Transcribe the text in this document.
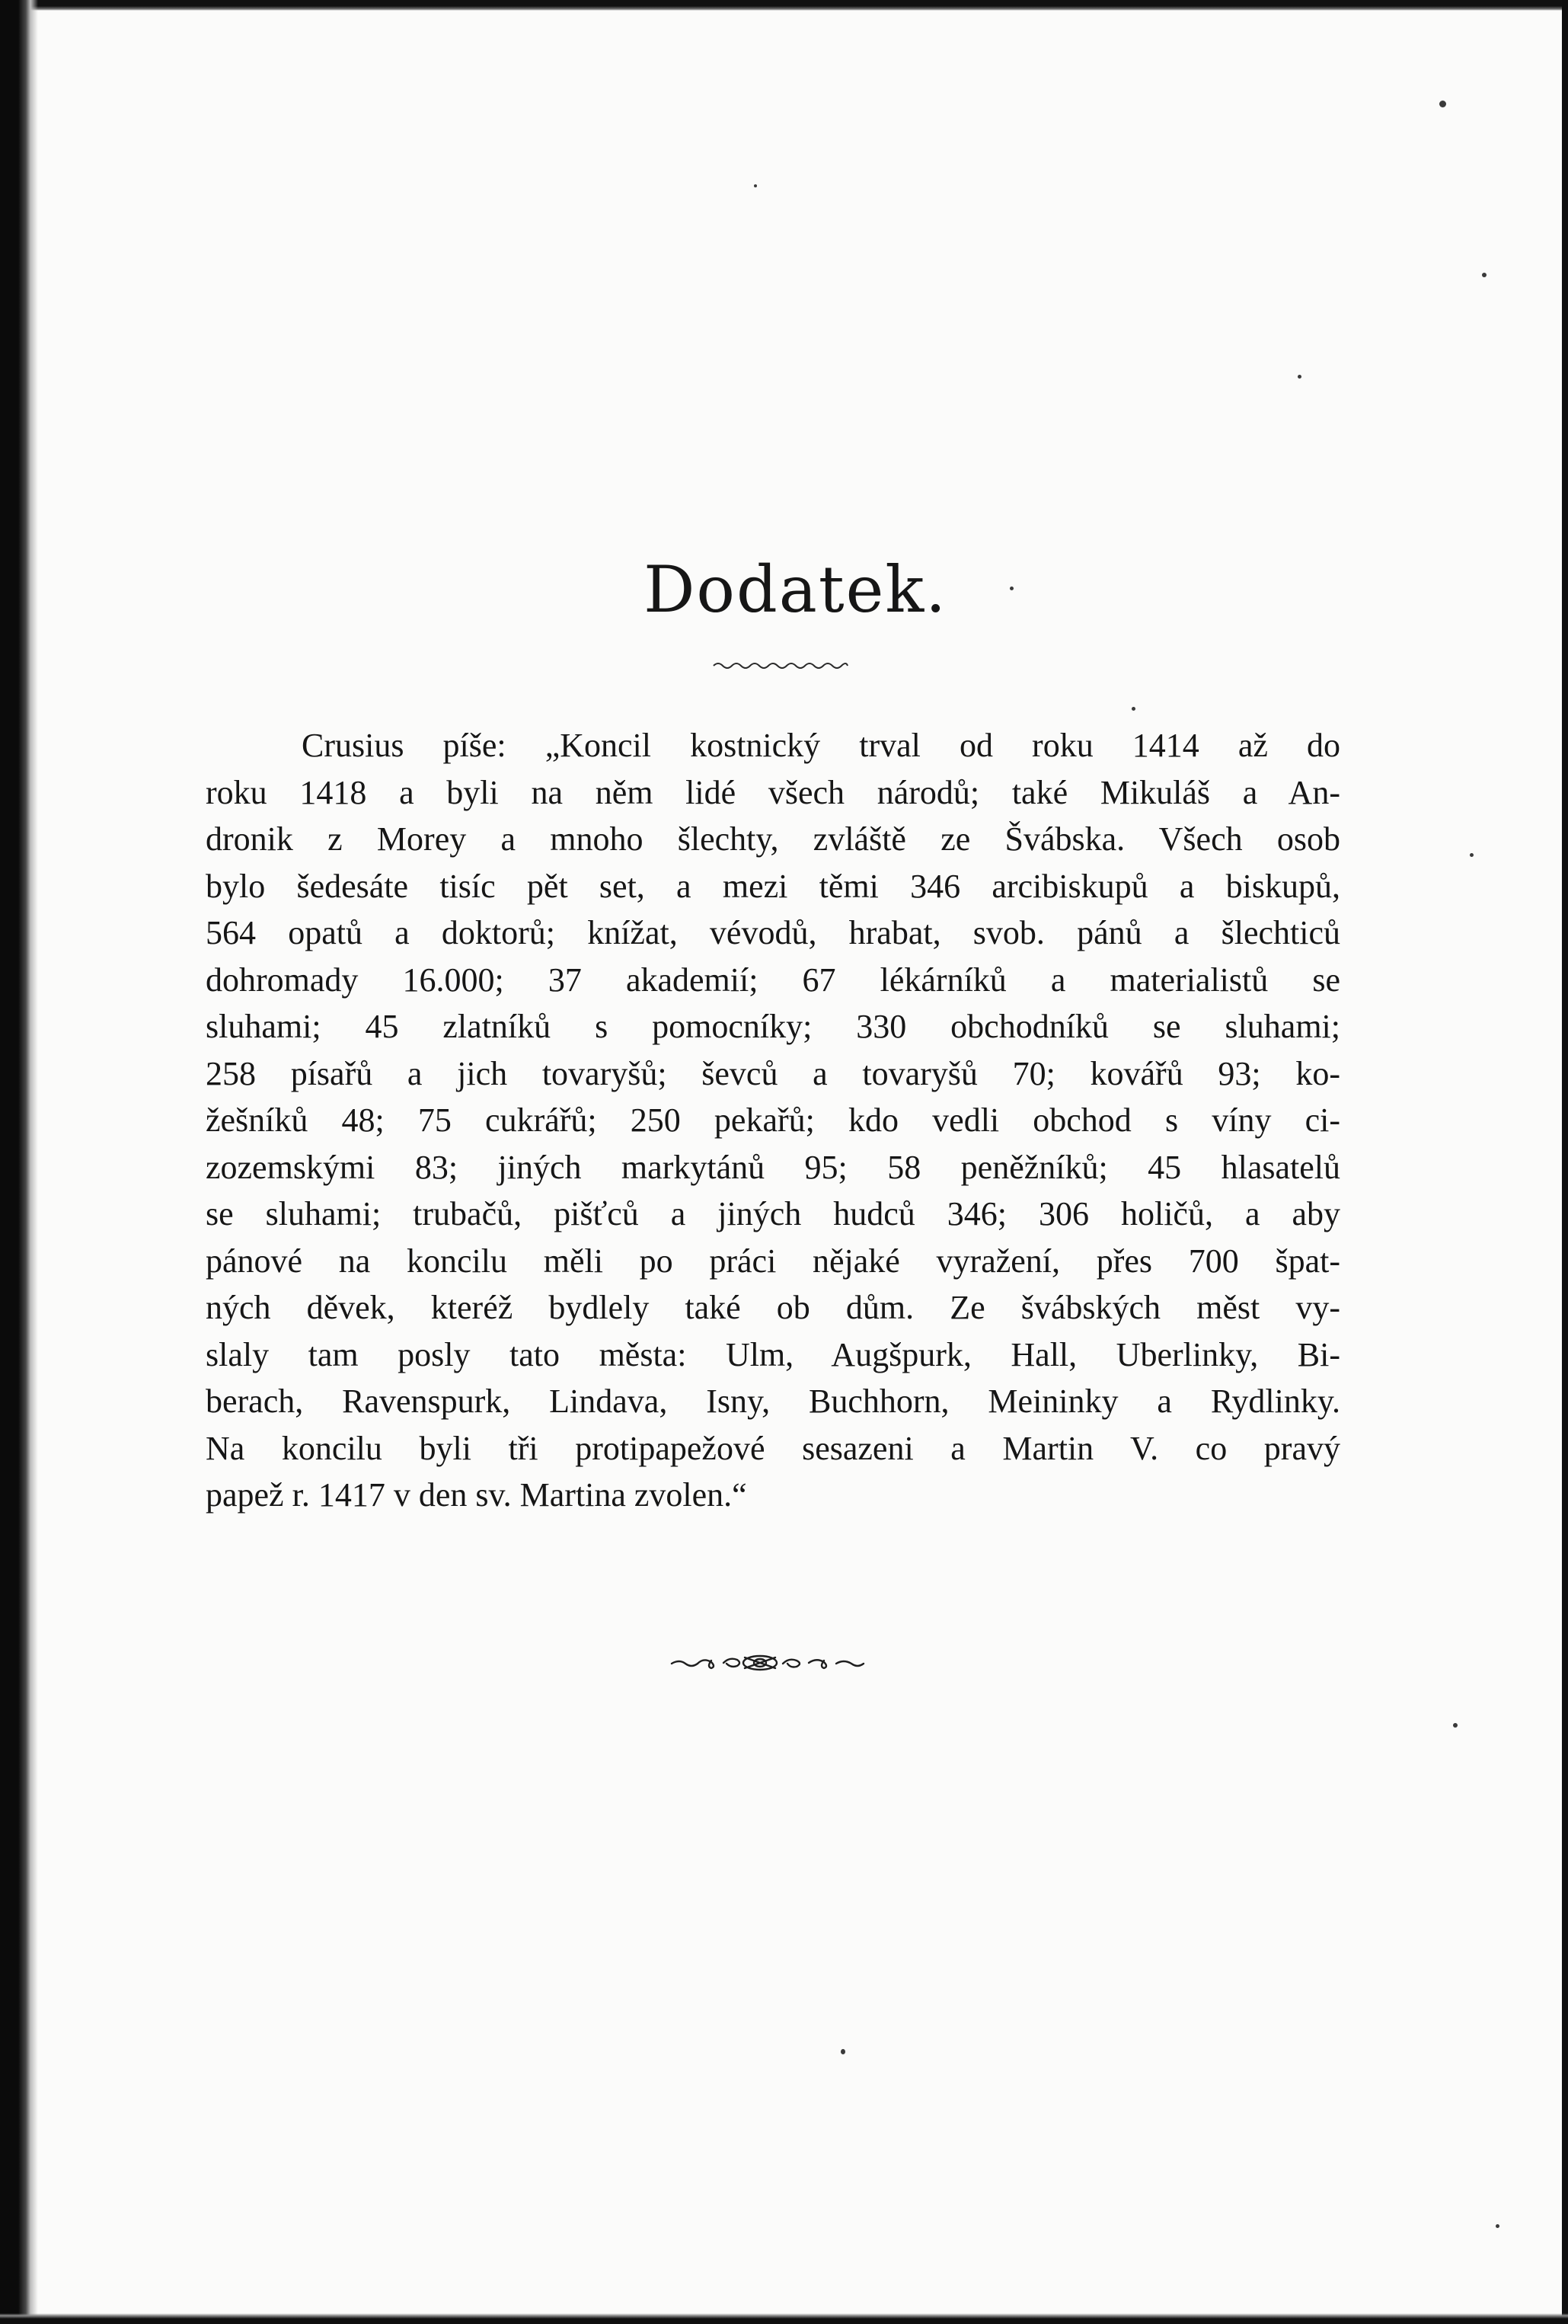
Dodatek.
Crusius píše: „Koncil kostnický trval od roku 1414 až do
roku 1418 a byli na něm lidé všech národů; také Mikuláš a An-
dronik z Morey a mnoho šlechty, zvláště ze Švábska. Všech osob
bylo šedesáte tisíc pět set, a mezi těmi 346 arcibiskupů a biskupů,
564 opatů a doktorů; knížat, vévodů, hrabat, svob. pánů a šlechticů
dohromady 16.000; 37 akademií; 67 lékárníků a materialistů se
sluhami; 45 zlatníků s pomocníky; 330 obchodníků se sluhami;
258 písařů a jich tovaryšů; ševců a tovaryšů 70; kovářů 93; ko-
žešníků 48; 75 cukrářů; 250 pekařů; kdo vedli obchod s víny ci-
zozemskými 83; jiných markytánů 95; 58 peněžníků; 45 hlasatelů
se sluhami; trubačů, pišťců a jiných hudců 346; 306 holičů, a aby
pánové na koncilu měli po práci nějaké vyražení, přes 700 špat-
ných děvek, kteréž bydlely také ob dům. Ze švábských měst vy-
slaly tam posly tato města: Ulm, Augšpurk, Hall, Uberlinky, Bi-
berach, Ravenspurk, Lindava, Isny, Buchhorn, Meininky a Rydlinky.
Na koncilu byli tři protipapežové sesazeni a Martin V. co pravý
papež r. 1417 v den sv. Martina zvolen.“
